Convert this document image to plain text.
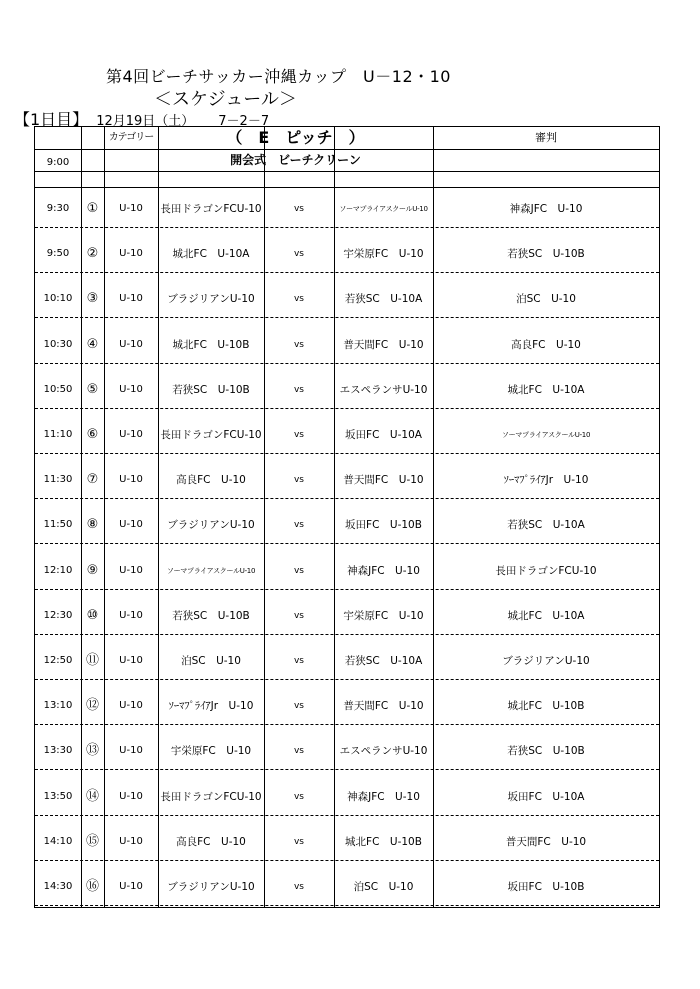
第4回ビーチサッカー沖縄カップ　U－12・10
＜スケジュール＞
【1日目】 12月19日（土） 7－2－7
カテゴリー	（　E　ピッチ　）	審判
9:00	開会式　ビーチクリーン
9:30	①	U-10	長田ドラゴンFCU-10	vs	ソーマプライアスクールU-10	神森JFC　U-10
9:50	②	U-10	城北FC　U-10A	vs	宇栄原FC　U-10	若狭SC　U-10B
10:10	③	U-10	ブラジリアンU-10	vs	若狭SC　U-10A	泊SC　U-10
10:30	④	U-10	城北FC　U-10B	vs	普天間FC　U-10	高良FC　U-10
10:50	⑤	U-10	若狭SC　U-10B	vs	エスペランサU-10	城北FC　U-10A
11:10	⑥	U-10	長田ドラゴンFCU-10	vs	坂田FC　U-10A	ソーマプライアスクールU-10
11:30	⑦	U-10	高良FC　U-10	vs	普天間FC　U-10	ｿｰﾏﾌﾟﾗｲｱJr　U-10
11:50	⑧	U-10	ブラジリアンU-10	vs	坂田FC　U-10B	若狭SC　U-10A
12:10	⑨	U-10	ソーマプライアスクールU-10	vs	神森JFC　U-10	長田ドラゴンFCU-10
12:30	⑩	U-10	若狭SC　U-10B	vs	宇栄原FC　U-10	城北FC　U-10A
12:50	⑪	U-10	泊SC　U-10	vs	若狭SC　U-10A	ブラジリアンU-10
13:10	⑫	U-10	ｿｰﾏﾌﾟﾗｲｱJr　U-10	vs	普天間FC　U-10	城北FC　U-10B
13:30	⑬	U-10	宇栄原FC　U-10	vs	エスペランサU-10	若狭SC　U-10B
13:50	⑭	U-10	長田ドラゴンFCU-10	vs	神森JFC　U-10	坂田FC　U-10A
14:10	⑮	U-10	高良FC　U-10	vs	城北FC　U-10B	普天間FC　U-10
14:30	⑯	U-10	ブラジリアンU-10	vs	泊SC　U-10	坂田FC　U-10B
